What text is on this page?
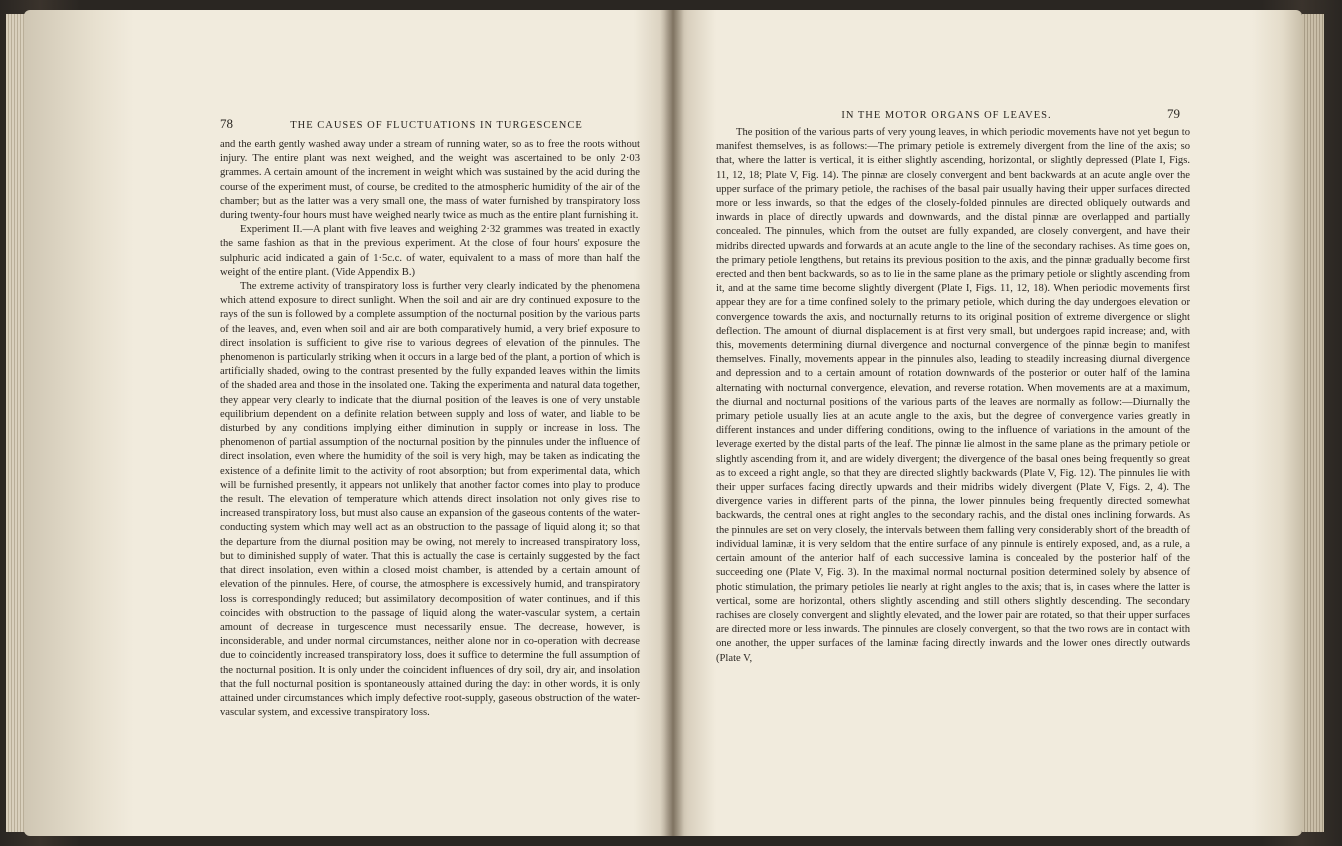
78	THE CAUSES OF FLUCTUATIONS IN TURGESCENCE

and the earth gently washed away under a stream of running water, so as to free the roots without injury. The entire plant was next weighed, and the weight was ascertained to be only 2·03 grammes. A certain amount of the increment in weight which was sustained by the acid during the course of the experiment must, of course, be credited to the atmospheric humidity of the air of the chamber; but as the latter was a very small one, the mass of water furnished by transpiratory loss during twenty-four hours must have weighed nearly twice as much as the entire plant furnishing it.

Experiment II.—A plant with five leaves and weighing 2·32 grammes was treated in exactly the same fashion as that in the previous experiment. At the close of four hours' exposure the sulphuric acid indicated a gain of 1·5c.c. of water, equivalent to a mass of more than half the weight of the entire plant. (Vide Appendix B.)

The extreme activity of transpiratory loss is further very clearly indicated by the phenomena which attend exposure to direct sunlight. When the soil and air are dry continued exposure to the rays of the sun is followed by a complete assumption of the nocturnal position by the various parts of the leaves, and, even when soil and air are both comparatively humid, a very brief exposure to direct insolation is sufficient to give rise to various degrees of elevation of the pinnules. The phenomenon is particularly striking when it occurs in a large bed of the plant, a portion of which is artificially shaded, owing to the contrast presented by the fully expanded leaves within the limits of the shaded area and those in the insolated one. Taking the experimenta and natural data together, they appear very clearly to indicate that the diurnal position of the leaves is one of very unstable equilibrium dependent on a definite relation between supply and loss of water, and liable to be disturbed by any conditions implying either diminution in supply or increase in loss. The phenomenon of partial assumption of the nocturnal position by the pinnules under the influence of direct insolation, even where the humidity of the soil is very high, may be taken as indicating the existence of a definite limit to the activity of root absorption; but from experimental data, which will be furnished presently, it appears not unlikely that another factor comes into play to produce the result. The elevation of temperature which attends direct insolation not only gives rise to increased transpiratory loss, but must also cause an expansion of the gaseous contents of the water-conducting system which may well act as an obstruction to the passage of liquid along it; so that the departure from the diurnal position may be owing, not merely to increased transpiratory loss, but to diminished supply of water. That this is actually the case is certainly suggested by the fact that direct insolation, even within a closed moist chamber, is attended by a certain amount of elevation of the pinnules. Here, of course, the atmosphere is excessively humid, and transpiratory loss is correspondingly reduced; but assimilatory decomposition of water continues, and if this coincides with obstruction to the passage of liquid along the water-vascular system, a certain amount of decrease in turgescence must necessarily ensue. The decrease, however, is inconsiderable, and under normal circumstances, neither alone nor in co-operation with decrease due to coincidently increased transpiratory loss, does it suffice to determine the full assumption of the nocturnal position. It is only under the coincident influences of dry soil, dry air, and insolation that the full nocturnal position is spontaneously attained during the day: in other words, it is only attained under circumstances which imply defective root-supply, gaseous obstruction of the water-vascular system, and excessive transpiratory loss.

IN THE MOTOR ORGANS OF LEAVES.	79

The position of the various parts of very young leaves, in which periodic movements have not yet begun to manifest themselves, is as follows:—The primary petiole is extremely divergent from the line of the axis; so that, where the latter is vertical, it is either slightly ascending, horizontal, or slightly depressed (Plate I, Figs. 11, 12, 18; Plate V, Fig. 14). The pinnæ are closely convergent and bent backwards at an acute angle over the upper surface of the primary petiole, the rachises of the basal pair usually having their upper surfaces directed more or less inwards, so that the edges of the closely-folded pinnules are directed obliquely outwards and inwards in place of directly upwards and downwards, and the distal pinnæ are overlapped and partially concealed. The pinnules, which from the outset are fully expanded, are closely convergent, and have their midribs directed upwards and forwards at an acute angle to the line of the secondary rachises. As time goes on, the primary petiole lengthens, but retains its previous position to the axis, and the pinnæ gradually become first erected and then bent backwards, so as to lie in the same plane as the primary petiole or slightly ascending from it, and at the same time become slightly divergent (Plate I, Figs. 11, 12, 18). When periodic movements first appear they are for a time confined solely to the primary petiole, which during the day undergoes elevation or convergence towards the axis, and nocturnally returns to its original position of extreme divergence or slight deflection. The amount of diurnal displacement is at first very small, but undergoes rapid increase; and, with this, movements determining diurnal divergence and nocturnal convergence of the pinnæ begin to manifest themselves. Finally, movements appear in the pinnules also, leading to steadily increasing diurnal divergence and depression and to a certain amount of rotation downwards of the posterior or outer half of the lamina alternating with nocturnal convergence, elevation, and reverse rotation. When movements are at a maximum, the diurnal and nocturnal positions of the various parts of the leaves are normally as follow:—Diurnally the primary petiole usually lies at an acute angle to the axis, but the degree of convergence varies greatly in different instances and under differing conditions, owing to the influence of variations in the amount of the leverage exerted by the distal parts of the leaf. The pinnæ lie almost in the same plane as the primary petiole or slightly ascending from it, and are widely divergent; the divergence of the basal ones being frequently so great as to exceed a right angle, so that they are directed slightly backwards (Plate V, Fig. 12). The pinnules lie with their upper surfaces facing directly upwards and their midribs widely divergent (Plate V, Figs. 2, 4). The divergence varies in different parts of the pinna, the lower pinnules being frequently directed somewhat backwards, the central ones at right angles to the secondary rachis, and the distal ones inclining forwards. As the pinnules are set on very closely, the intervals between them falling very considerably short of the breadth of individual laminæ, it is very seldom that the entire surface of any pinnule is entirely exposed, and, as a rule, a certain amount of the anterior half of each successive lamina is concealed by the posterior half of the succeeding one (Plate V, Fig. 3). In the maximal normal nocturnal position determined solely by absence of photic stimulation, the primary petioles lie nearly at right angles to the axis; that is, in cases where the latter is vertical, some are horizontal, others slightly ascending and still others slightly descending. The secondary rachises are closely convergent and slightly elevated, and the lower pair are rotated, so that their upper surfaces are directed more or less inwards. The pinnules are closely convergent, so that the two rows are in contact with one another, the upper surfaces of the laminæ facing directly inwards and the lower ones directly outwards (Plate V,
